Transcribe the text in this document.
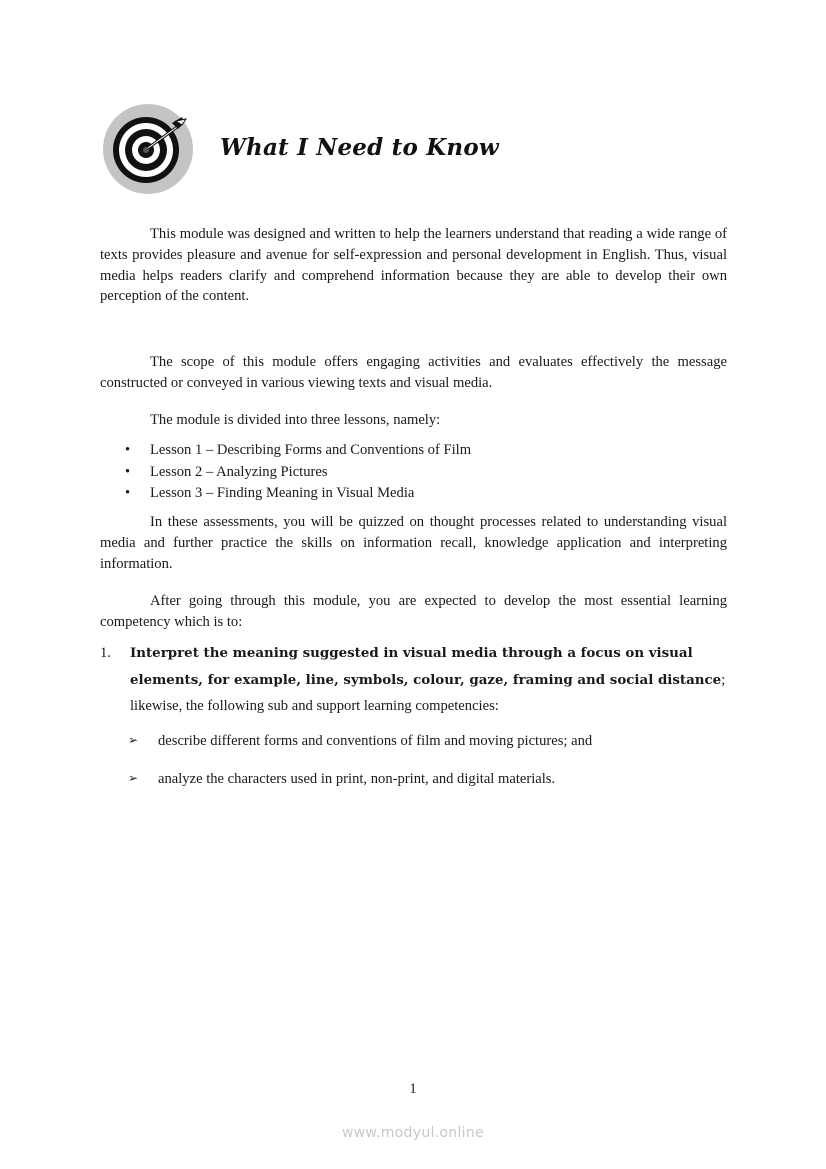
What I Need to Know

This module was designed and written to help the learners understand that reading a wide range of texts provides pleasure and avenue for self-expression and personal development in English. Thus, visual media helps readers clarify and comprehend information because they are able to develop their own perception of the content.

The scope of this module offers engaging activities and evaluates effectively the message constructed or conveyed in various viewing texts and visual media.

The module is divided into three lessons, namely:

• Lesson 1 – Describing Forms and Conventions of Film
• Lesson 2 – Analyzing Pictures
• Lesson 3 – Finding Meaning in Visual Media

In these assessments, you will be quizzed on thought processes related to understanding visual media and further practice the skills on information recall, knowledge application and interpreting information.

After going through this module, you are expected to develop the most essential learning competency which is to:

1. Interpret the meaning suggested in visual media through a focus on visual elements, for example, line, symbols, colour, gaze, framing and social distance; likewise, the following sub and support learning competencies:
➢ describe different forms and conventions of film and moving pictures; and
➢ analyze the characters used in print, non-print, and digital materials.
1
www.modyul.online
